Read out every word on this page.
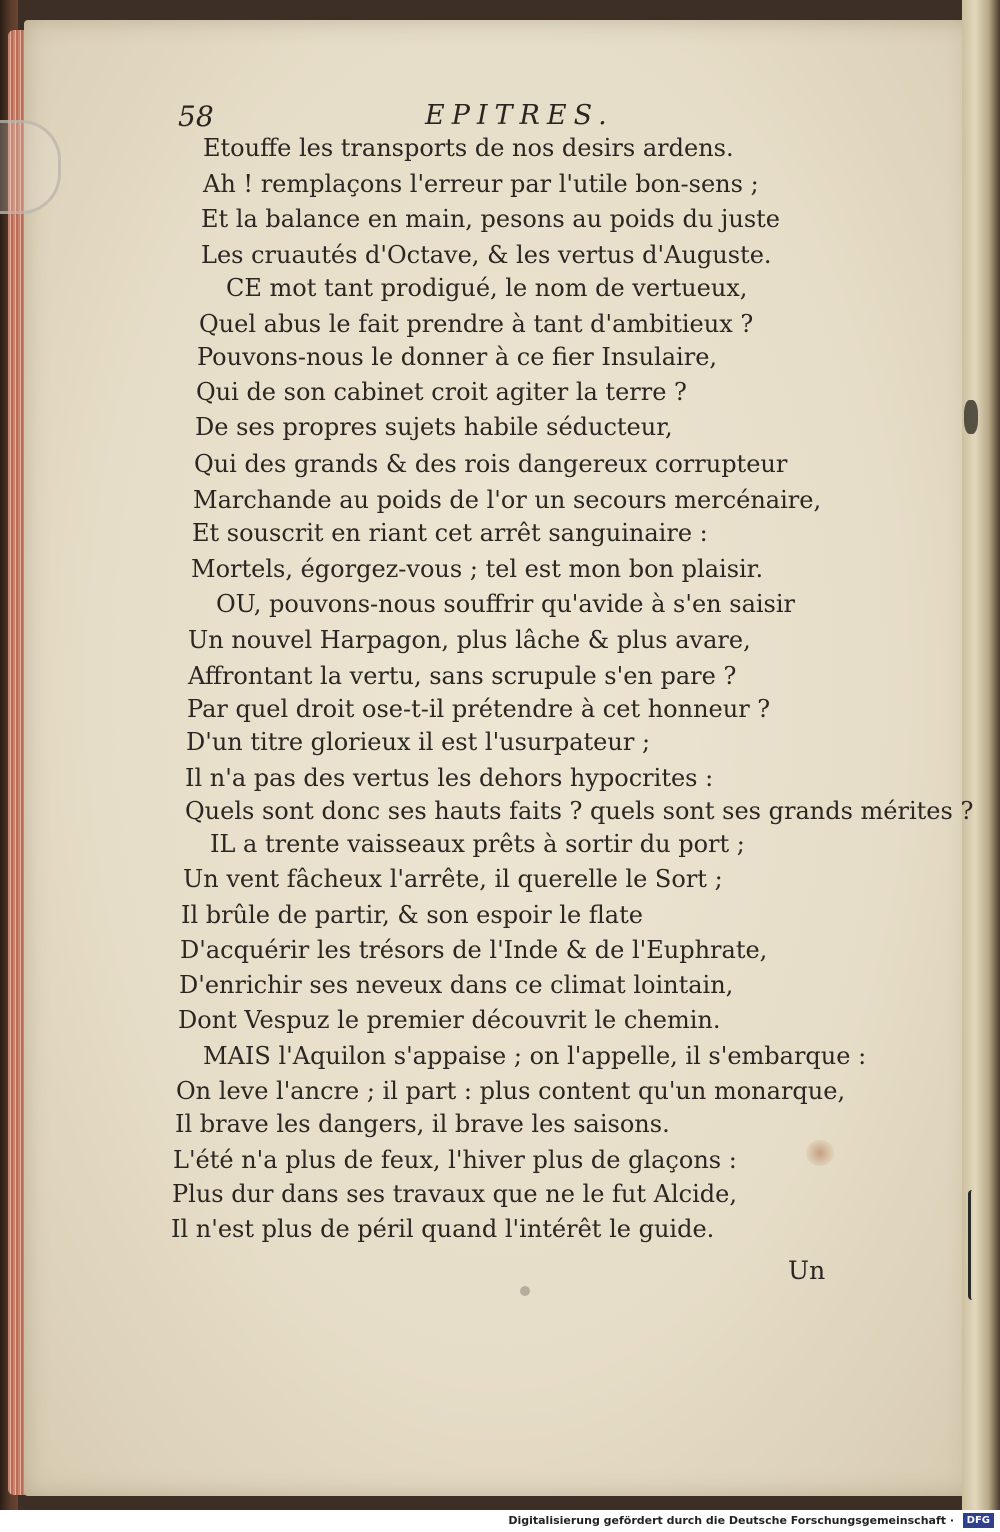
58	EPITRES.
Etouffe les transports de nos desirs ardens.
Ah ! remplaçons l'erreur par l'utile bon-sens ;
Et la balance en main, pesons au poids du juste
Les cruautés d'Octave, & les vertus d'Auguste.
CE mot tant prodigué, le nom de vertueux,
Quel abus le fait prendre à tant d'ambitieux ?
Pouvons-nous le donner à ce fier Insulaire,
Qui de son cabinet croit agiter la terre ?
De ses propres sujets habile séducteur,
Qui des grands & des rois dangereux corrupteur
Marchande au poids de l'or un secours mercénaire,
Et souscrit en riant cet arrêt sanguinaire :
Mortels, égorgez-vous ; tel est mon bon plaisir.
OU, pouvons-nous souffrir qu'avide à s'en saisir
Un nouvel Harpagon, plus lâche & plus avare,
Affrontant la vertu, sans scrupule s'en pare ?
Par quel droit ose-t-il prétendre à cet honneur ?
D'un titre glorieux il est l'usurpateur ;
Il n'a pas des vertus les dehors hypocrites :
Quels sont donc ses hauts faits ? quels sont ses grands mérites ?
IL a trente vaisseaux prêts à sortir du port ;
Un vent fâcheux l'arrête, il querelle le Sort ;
Il brûle de partir, & son espoir le flate
D'acquérir les trésors de l'Inde & de l'Euphrate,
D'enrichir ses neveux dans ce climat lointain,
Dont Vespuz le premier découvrit le chemin.
MAIS l'Aquilon s'appaise ; on l'appelle, il s'embarque :
On leve l'ancre ; il part : plus content qu'un monarque,
Il brave les dangers, il brave les saisons.
L'été n'a plus de feux, l'hiver plus de glaçons :
Plus dur dans ses travaux que ne le fut Alcide,
Il n'est plus de péril quand l'intérêt le guide.
Un
Digitalisierung gefördert durch die Deutsche Forschungsgemeinschaft ·	DFG
